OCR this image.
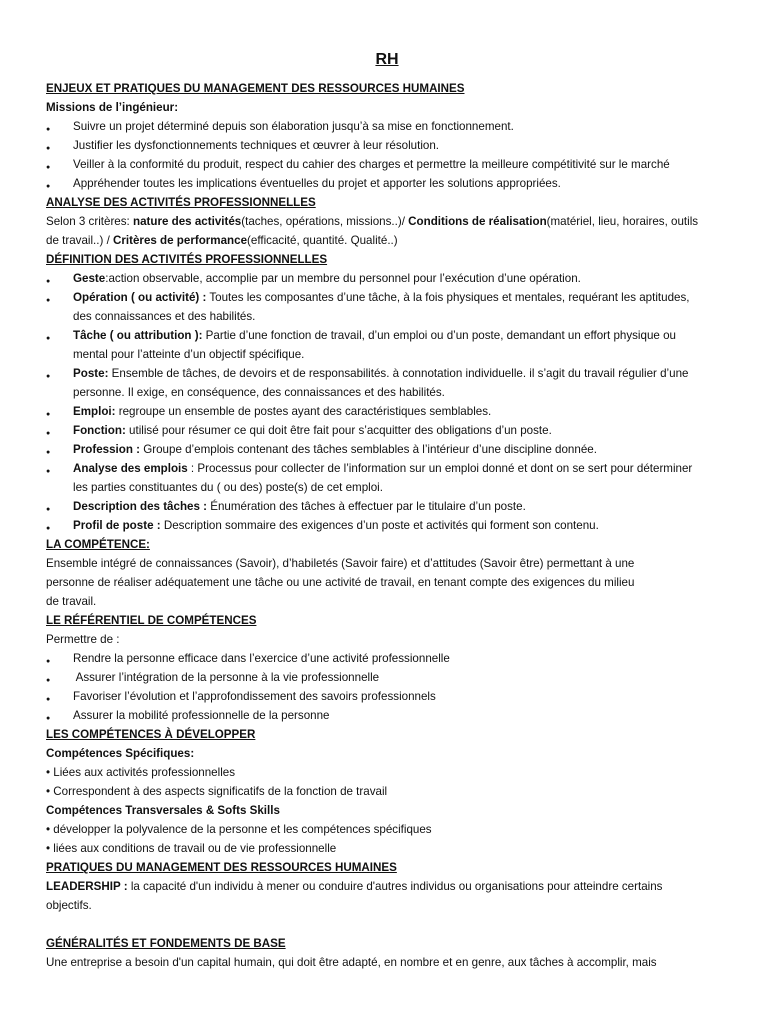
RH
ENJEUX ET PRATIQUES DU MANAGEMENT DES RESSOURCES HUMAINES
Missions de l’ingénieur:
●
Suivre un projet déterminé depuis son élaboration jusqu’à sa mise en fonctionnement.
●
Justifier les dysfonctionnements techniques et œuvrer à leur résolution.
●
Veiller à la conformité du produit, respect du cahier des charges et permettre la meilleure compétitivité sur le marché
●
Appréhender toutes les implications éventuelles du projet et apporter les solutions appropriées.
ANALYSE DES ACTIVITÉS PROFESSIONNELLES
Selon 3 critères: nature des activités(taches, opérations, missions..)/ Conditions de réalisation(matériel, lieu, horaires, outils de travail..) / Critères de performance(efficacité, quantité. Qualité..)
DÉFINITION DES ACTIVITÉS PROFESSIONNELLES
●
Geste:action observable, accomplie par un membre du personnel pour l’exécution d’une opération.
●
Opération ( ou activité) : Toutes les composantes d’une tâche, à la fois physiques et mentales, requérant les aptitudes, des connaissances et des habilités.
●
Tâche ( ou attribution ): Partie d’une fonction de travail, d’un emploi ou d’un poste, demandant un effort physique ou mental pour l’atteinte d’un objectif spécifique.
●
Poste: Ensemble de tâches, de devoirs et de responsabilités. à connotation individuelle. il s’agit du travail régulier d’une personne. Il exige, en conséquence, des connaissances et des habilités.
●
Emploi: regroupe un ensemble de postes ayant des caractéristiques semblables.
●
Fonction: utilisé pour résumer ce qui doit être fait pour s’acquitter des obligations d’un poste.
●
Profession : Groupe d’emplois contenant des tâches semblables à l’intérieur d’une discipline donnée.
●
Analyse des emplois : Processus pour collecter de l’information sur un emploi donné et dont on se sert pour déterminer les parties constituantes du ( ou des) poste(s) de cet emploi.
●
Description des tâches : Énumération des tâches à effectuer par le titulaire d’un poste.
●
Profil de poste : Description sommaire des exigences d’un poste et activités qui forment son contenu.
LA COMPÉTENCE:
Ensemble intégré de connaissances (Savoir), d’habiletés (Savoir faire) et d’attitudes (Savoir être) permettant à une
personne de réaliser adéquatement une tâche ou une activité de travail, en tenant compte des exigences du milieu
de travail.
LE RÉFÉRENTIEL DE COMPÉTENCES
Permettre de :
●
Rendre la personne efficace dans l’exercice d’une activité professionnelle
●
Assurer l’intégration de la personne à la vie professionnelle
●
Favoriser l’évolution et l’approfondissement des savoirs professionnels
●
Assurer la mobilité professionnelle de la personne
LES COMPÉTENCES À DÉVELOPPER
Compétences Spécifiques:
• Liées aux activités professionnelles
• Correspondent à des aspects significatifs de la fonction de travail
Compétences Transversales & Softs Skills
• développer la polyvalence de la personne et les compétences spécifiques
• liées aux conditions de travail ou de vie professionnelle
PRATIQUES DU MANAGEMENT DES RESSOURCES HUMAINES
LEADERSHIP : la capacité d'un individu à mener ou conduire d'autres individus ou organisations pour atteindre certains objectifs.
GÉNÉRALITÉS ET FONDEMENTS DE BASE
Une entreprise a besoin d'un capital humain, qui doit être adapté, en nombre et en genre, aux tâches à accomplir, mais
